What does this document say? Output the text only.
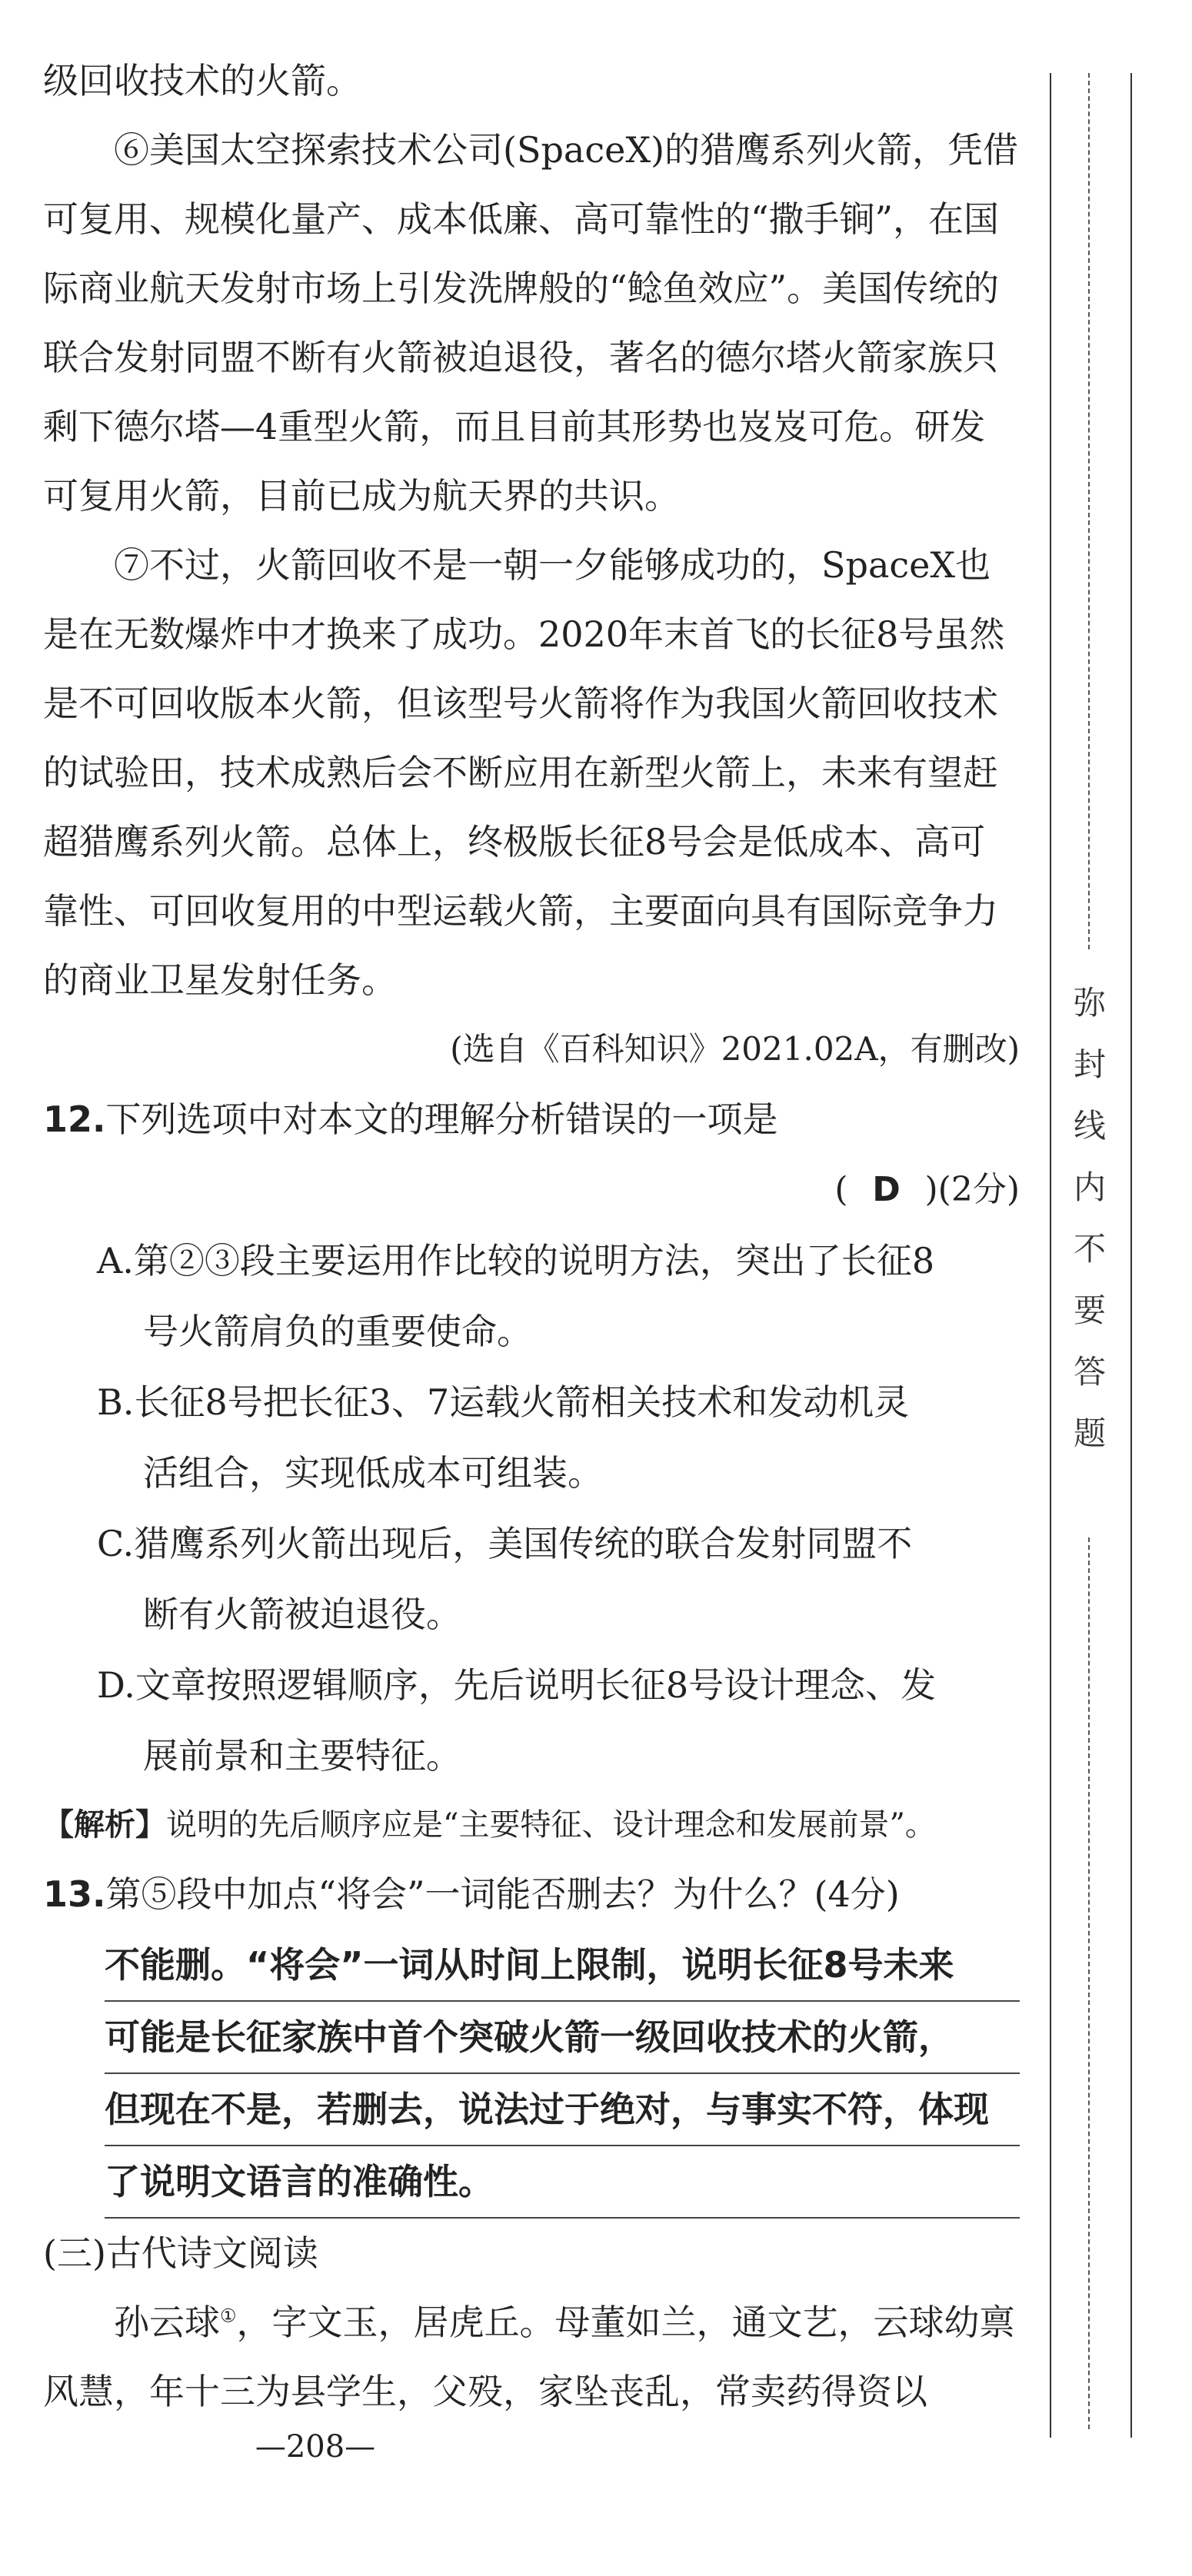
级回收技术的火箭。

⑥美国太空探索技术公司(SpaceX)的猎鹰系列火箭，凭借可复用、规模化量产、成本低廉、高可靠性的“撒手锏”，在国际商业航天发射市场上引发洗牌般的“鲶鱼效应”。美国传统的联合发射同盟不断有火箭被迫退役，著名的德尔塔火箭家族只剩下德尔塔—4重型火箭，而且目前其形势也岌岌可危。研发可复用火箭，目前已成为航天界的共识。

⑦不过，火箭回收不是一朝一夕能够成功的，SpaceX也是在无数爆炸中才换来了成功。2020年末首飞的长征8号虽然是不可回收版本火箭，但该型号火箭将作为我国火箭回收技术的试验田，技术成熟后会不断应用在新型火箭上，未来有望赶超猎鹰系列火箭。总体上，终极版长征8号会是低成本、高可靠性、可回收复用的中型运载火箭，主要面向具有国际竞争力的商业卫星发射任务。

(选自《百科知识》2021.02A，有删改)

12.下列选项中对本文的理解分析错误的一项是

( D )(2分)

A.第②③段主要运用作比较的说明方法，突出了长征8
号火箭肩负的重要使命。

B.长征8号把长征3、7运载火箭相关技术和发动机灵
活组合，实现低成本可组装。

C.猎鹰系列火箭出现后，美国传统的联合发射同盟不
断有火箭被迫退役。

D.文章按照逻辑顺序，先后说明长征8号设计理念、发
展前景和主要特征。

【解析】说明的先后顺序应是“主要特征、设计理念和发展前景”。

13.第⑤段中加点“将会”一词能否删去？为什么？(4分)

不能删。“将会”一词从时间上限制，说明长征8号未来
可能是长征家族中首个突破火箭一级回收技术的火箭，
但现在不是，若删去，说法过于绝对，与事实不符，体现
了说明文语言的准确性。

(三)古代诗文阅读

孙云球①，字文玉，居虎丘。母董如兰，通文艺，云球幼禀风慧，年十三为县学生，父殁，家坠丧乱，常卖药得资以

—208—
弥
封
线
内
不
要
答
题
